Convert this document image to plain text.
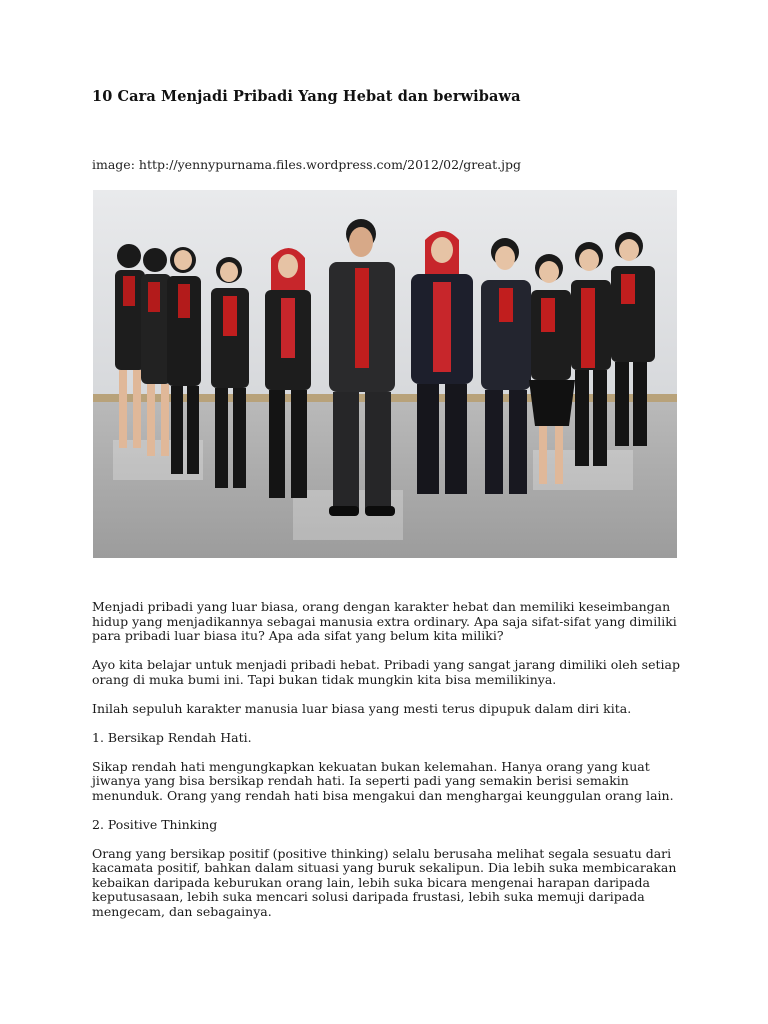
10 Cara Menjadi Pribadi Yang Hebat dan berwibawa
image: http://yennypurnama.files.wordpress.com/2012/02/great.jpg

Menjadi pribadi yang luar biasa, orang dengan karakter hebat dan memiliki keseimbangan hidup yang menjadikannya sebagai manusia extra ordinary. Apa saja sifat-sifat yang dimiliki para pribadi luar biasa itu? Apa ada sifat yang belum kita miliki?

Ayo kita belajar untuk menjadi pribadi hebat. Pribadi yang sangat jarang dimiliki oleh setiap orang di muka bumi ini. Tapi bukan tidak mungkin kita bisa memilikinya.

Inilah sepuluh karakter manusia luar biasa yang mesti terus dipupuk dalam diri kita.

1. Bersikap Rendah Hati.

Sikap rendah hati mengungkapkan kekuatan bukan kelemahan. Hanya orang yang kuat jiwanya yang bisa bersikap rendah hati. Ia seperti padi yang semakin berisi semakin menunduk. Orang yang rendah hati bisa mengakui dan menghargai keunggulan orang lain.

2. Positive Thinking

Orang yang bersikap positif (positive thinking) selalu berusaha melihat segala sesuatu dari kacamata positif, bahkan dalam situasi yang buruk sekalipun. Dia lebih suka membicarakan kebaikan daripada keburukan orang lain, lebih suka bicara mengenai harapan daripada keputusasaan, lebih suka mencari solusi daripada frustasi, lebih suka memuji daripada mengecam, dan sebagainya.
